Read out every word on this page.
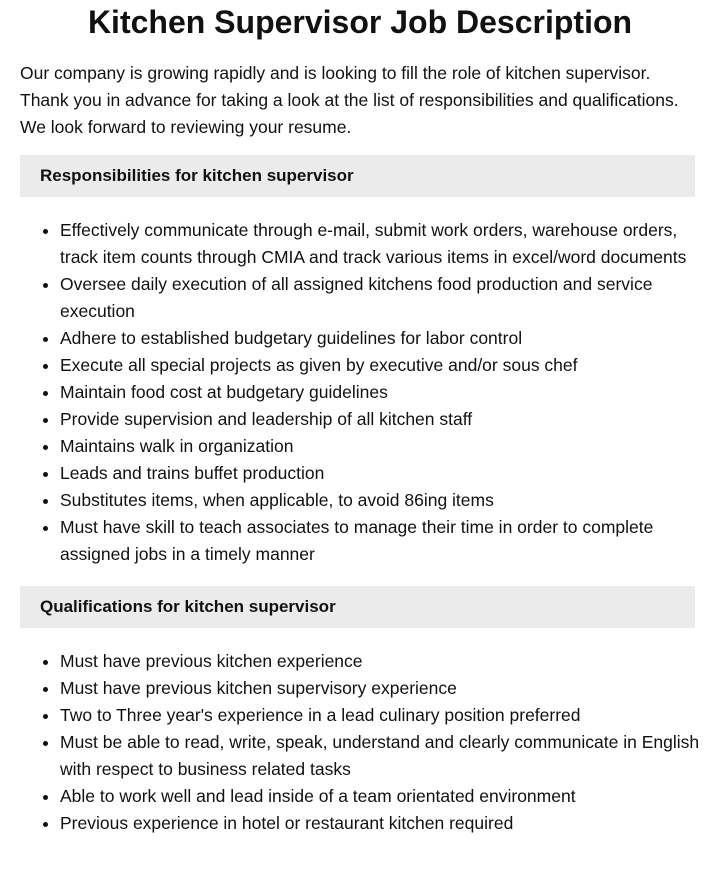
Kitchen Supervisor Job Description

Our company is growing rapidly and is looking to fill the role of kitchen supervisor. Thank you in advance for taking a look at the list of responsibilities and qualifications. We look forward to reviewing your resume.

Responsibilities for kitchen supervisor
• Effectively communicate through e-mail, submit work orders, warehouse orders, track item counts through CMIA and track various items in excel/word documents
• Oversee daily execution of all assigned kitchens food production and service execution
• Adhere to established budgetary guidelines for labor control
• Execute all special projects as given by executive and/or sous chef
• Maintain food cost at budgetary guidelines
• Provide supervision and leadership of all kitchen staff
• Maintains walk in organization
• Leads and trains buffet production
• Substitutes items, when applicable, to avoid 86ing items
• Must have skill to teach associates to manage their time in order to complete assigned jobs in a timely manner
Qualifications for kitchen supervisor
• Must have previous kitchen experience
• Must have previous kitchen supervisory experience
• Two to Three year's experience in a lead culinary position preferred
• Must be able to read, write, speak, understand and clearly communicate in English with respect to business related tasks
• Able to work well and lead inside of a team orientated environment
• Previous experience in hotel or restaurant kitchen required
